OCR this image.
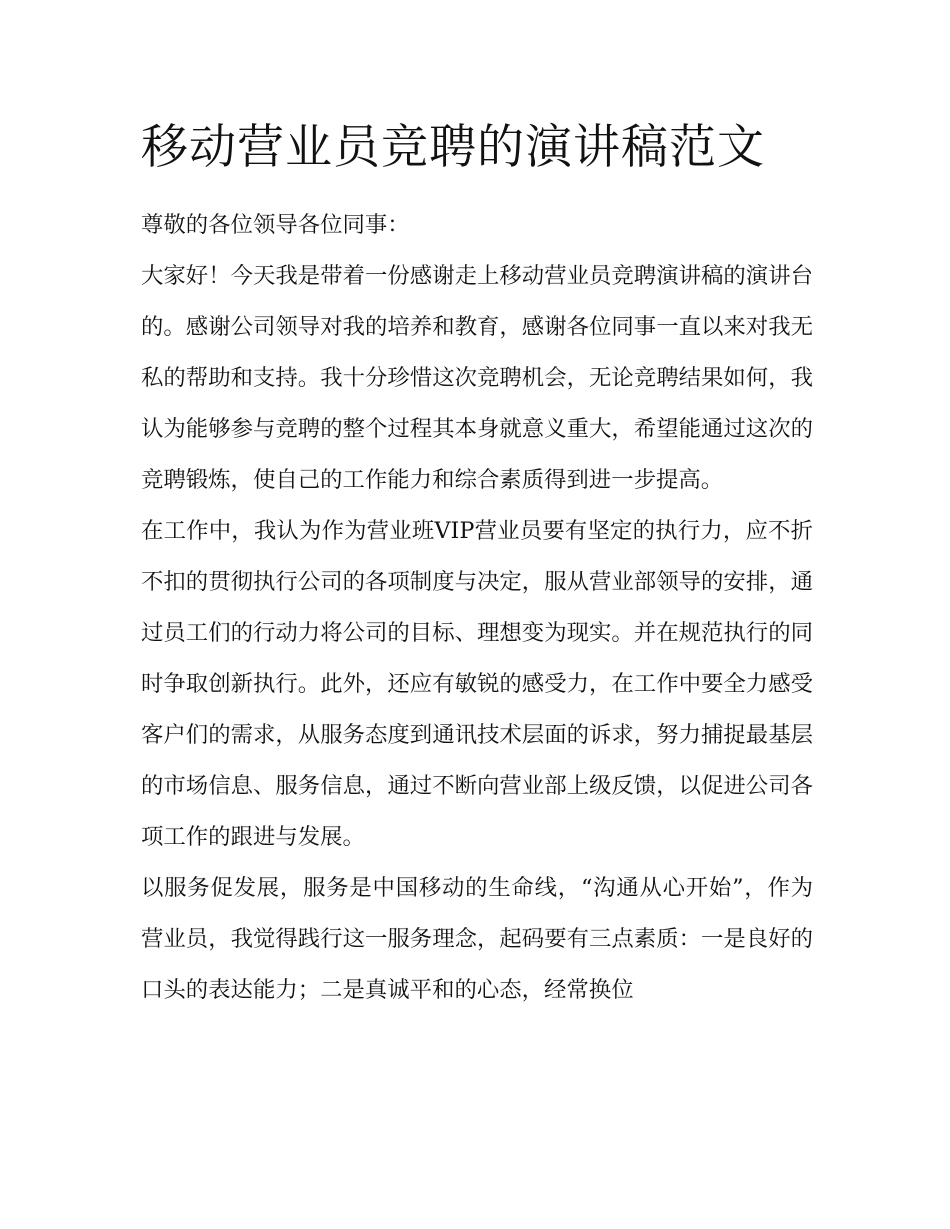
移动营业员竞聘的演讲稿范文

尊敬的各位领导各位同事：

大家好！今天我是带着一份感谢走上移动营业员竞聘演讲稿的演讲台的。感谢公司领导对我的培养和教育，感谢各位同事一直以来对我无私的帮助和支持。我十分珍惜这次竞聘机会，无论竞聘结果如何，我认为能够参与竞聘的整个过程其本身就意义重大，希望能通过这次的竞聘锻炼，使自己的工作能力和综合素质得到进一步提高。

在工作中，我认为作为营业班VIP营业员要有坚定的执行力，应不折不扣的贯彻执行公司的各项制度与决定，服从营业部领导的安排，通过员工们的行动力将公司的目标、理想变为现实。并在规范执行的同时争取创新执行。此外，还应有敏锐的感受力，在工作中要全力感受客户们的需求，从服务态度到通讯技术层面的诉求，努力捕捉最基层的市场信息、服务信息，通过不断向营业部上级反馈，以促进公司各项工作的跟进与发展。

以服务促发展，服务是中国移动的生命线，“沟通从心开始”，作为营业员，我觉得践行这一服务理念，起码要有三点素质：一是良好的口头的表达能力；二是真诚平和的心态，经常换位
